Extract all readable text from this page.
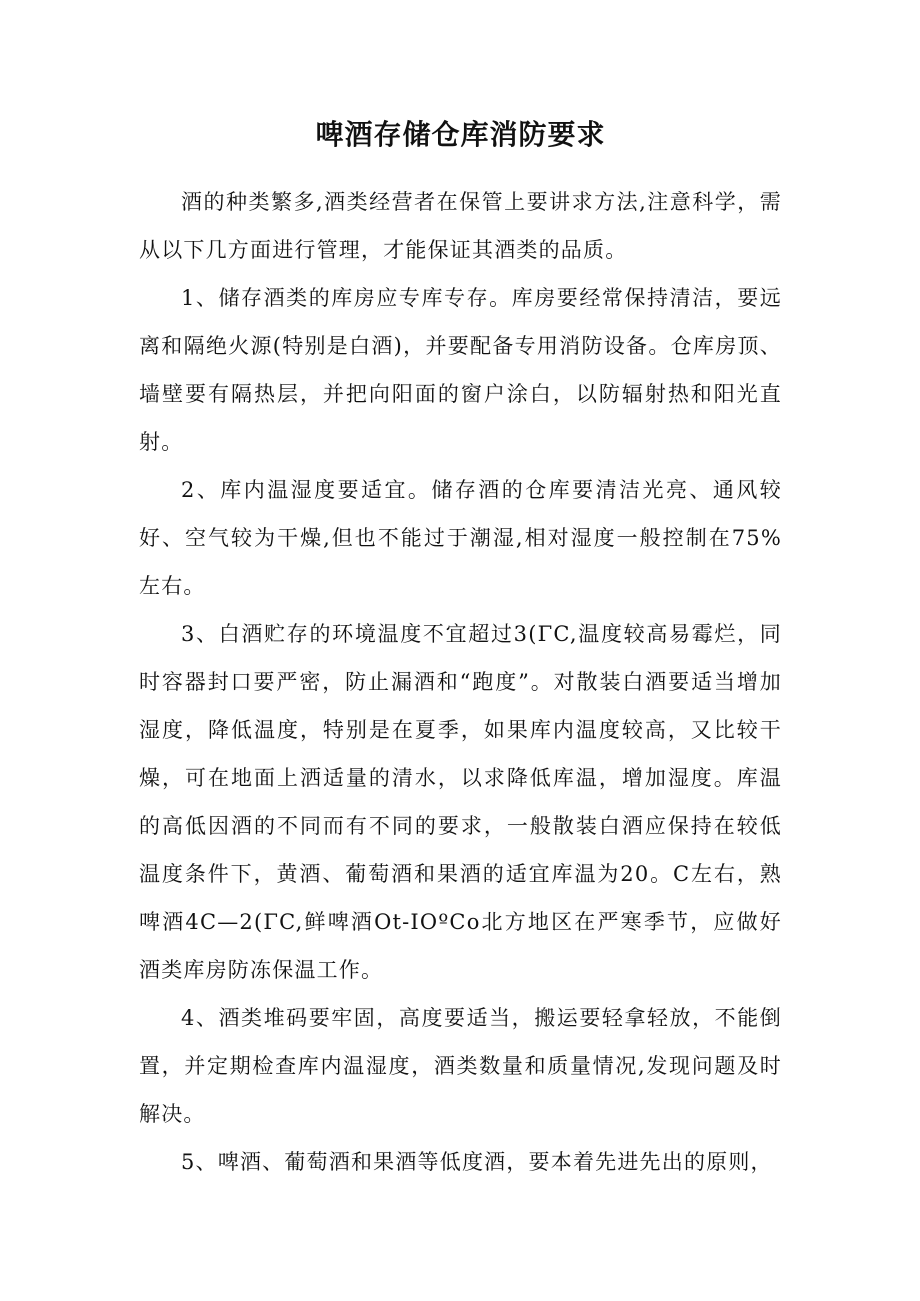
啤酒存储仓库消防要求

酒的种类繁多,酒类经营者在保管上要讲求方法,注意科学，需从以下几方面进行管理，才能保证其酒类的品质。

1、储存酒类的库房应专库专存。库房要经常保持清洁，要远离和隔绝火源(特别是白酒)，并要配备专用消防设备。仓库房顶、墙壁要有隔热层，并把向阳面的窗户涂白，以防辐射热和阳光直射。

2、库内温湿度要适宜。储存酒的仓库要清洁光亮、通风较好、空气较为干燥,但也不能过于潮湿,相对湿度一般控制在75%左右。

3、白酒贮存的环境温度不宜超过3(ΓC,温度较高易霉烂，同时容器封口要严密，防止漏酒和“跑度”。对散装白酒要适当增加湿度，降低温度，特别是在夏季，如果库内温度较高，又比较干燥，可在地面上洒适量的清水，以求降低库温，增加湿度。库温的高低因酒的不同而有不同的要求，一般散装白酒应保持在较低温度条件下，黄酒、葡萄酒和果酒的适宜库温为20。C左右，熟啤酒4C—2(ΓC,鲜啤酒Ot-IOºCo北方地区在严寒季节，应做好酒类库房防冻保温工作。

4、酒类堆码要牢固，高度要适当，搬运要轻拿轻放，不能倒置，并定期检查库内温湿度，酒类数量和质量情况,发现问题及时解决。

5、啤酒、葡萄酒和果酒等低度酒，要本着先进先出的原则，
